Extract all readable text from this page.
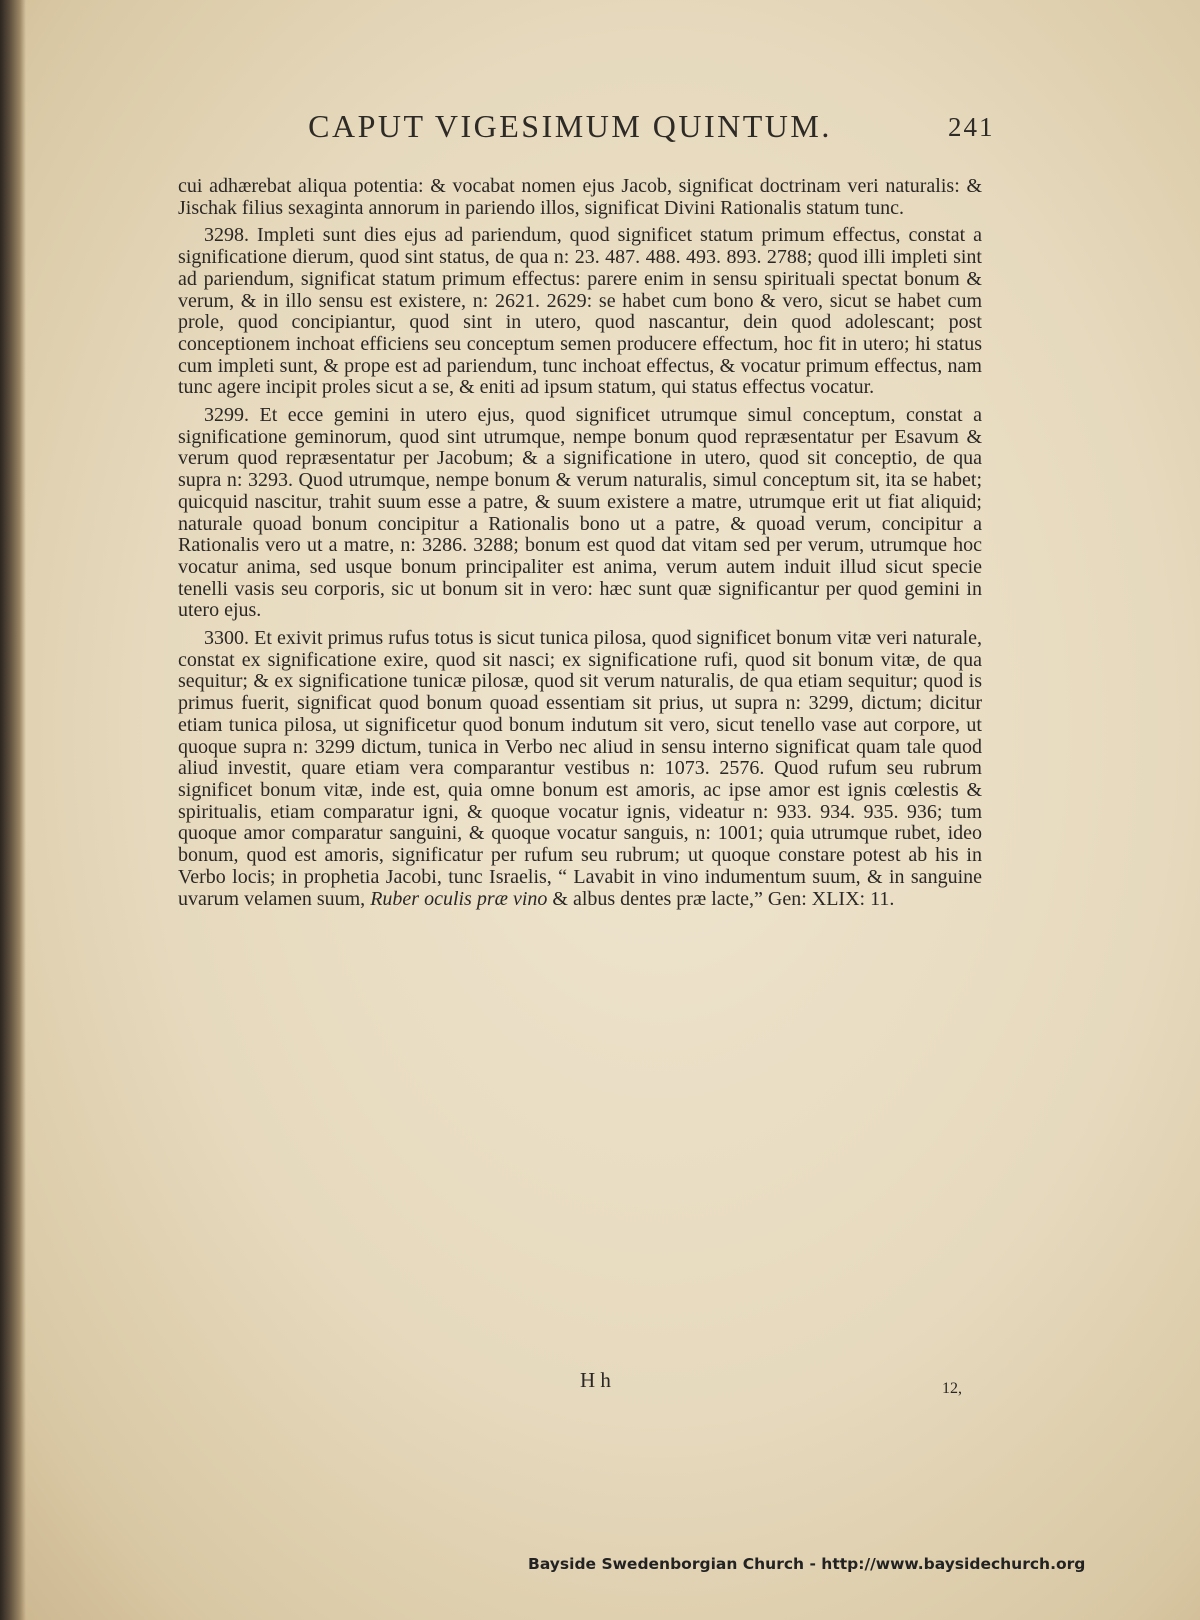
CAPUT VIGESIMUM QUINTUM.	241

cui adhærebat aliqua potentia: & vocabat nomen ejus Jacob, significat doctrinam veri naturalis: & Jischak filius sexaginta annorum in pariendo illos, significat Divini Rationalis statum tunc.

3298. Impleti sunt dies ejus ad pariendum, quod significet statum primum effectus, constat a significatione dierum, quod sint status, de qua n: 23. 487. 488. 493. 893. 2788; quod illi impleti sint ad pariendum, significat statum primum effectus: parere enim in sensu spirituali spectat bonum & verum, & in illo sensu est existere, n: 2621. 2629: se habet cum bono & vero, sicut se habet cum prole, quod concipiantur, quod sint in utero, quod nascantur, dein quod adolescant; post conceptionem inchoat efficiens seu conceptum semen producere effectum, hoc fit in utero; hi status cum impleti sunt, & prope est ad pariendum, tunc inchoat effectus, & vocatur primum effectus, nam tunc agere incipit proles sicut a se, & eniti ad ipsum statum, qui status effectus vocatur.

3299. Et ecce gemini in utero ejus, quod significet utrumque simul conceptum, constat a significatione geminorum, quod sint utrumque, nempe bonum quod repræsentatur per Esavum & verum quod repræsentatur per Jacobum; & a significatione in utero, quod sit conceptio, de qua supra n: 3293. Quod utrumque, nempe bonum & verum naturalis, simul conceptum sit, ita se habet; quicquid nascitur, trahit suum esse a patre, & suum existere a matre, utrumque erit ut fiat aliquid; naturale quoad bonum concipitur a Rationalis bono ut a patre, & quoad verum, concipitur a Rationalis vero ut a matre, n: 3286. 3288; bonum est quod dat vitam sed per verum, utrumque hoc vocatur anima, sed usque bonum principaliter est anima, verum autem induit illud sicut specie tenelli vasis seu corporis, sic ut bonum sit in vero: hæc sunt quæ significantur per quod gemini in utero ejus.

3300. Et exivit primus rufus totus is sicut tunica pilosa, quod significet bonum vitæ veri naturale, constat ex significatione exire, quod sit nasci; ex significatione rufi, quod sit bonum vitæ, de qua sequitur; & ex significatione tunicæ pilosæ, quod sit verum naturalis, de qua etiam sequitur; quod is primus fuerit, significat quod bonum quoad essentiam sit prius, ut supra n: 3299, dictum; dicitur etiam tunica pilosa, ut significetur quod bonum indutum sit vero, sicut tenello vase aut corpore, ut quoque supra n: 3299 dictum, tunica in Verbo nec aliud in sensu interno significat quam tale quod aliud investit, quare etiam vera comparantur vestibus n: 1073. 2576. Quod rufum seu rubrum significet bonum vitæ, inde est, quia omne bonum est amoris, ac ipse amor est ignis cœlestis & spiritualis, etiam comparatur igni, & quoque vocatur ignis, videatur n: 933. 934. 935. 936; tum quoque amor comparatur sanguini, & quoque vocatur sanguis, n: 1001; quia utrumque rubet, ideo bonum, quod est amoris, significatur per rufum seu rubrum; ut quoque constare potest ab his in Verbo locis; in prophetia Jacobi, tunc Israelis, “ Lavabit in vino indumentum suum, & in sanguine uvarum velamen suum, Ruber oculis præ vino & albus dentes præ lacte,” Gen: XLIX: 11.

H h	12,
Bayside Swedenborgian Church - http://www.baysidechurch.org
